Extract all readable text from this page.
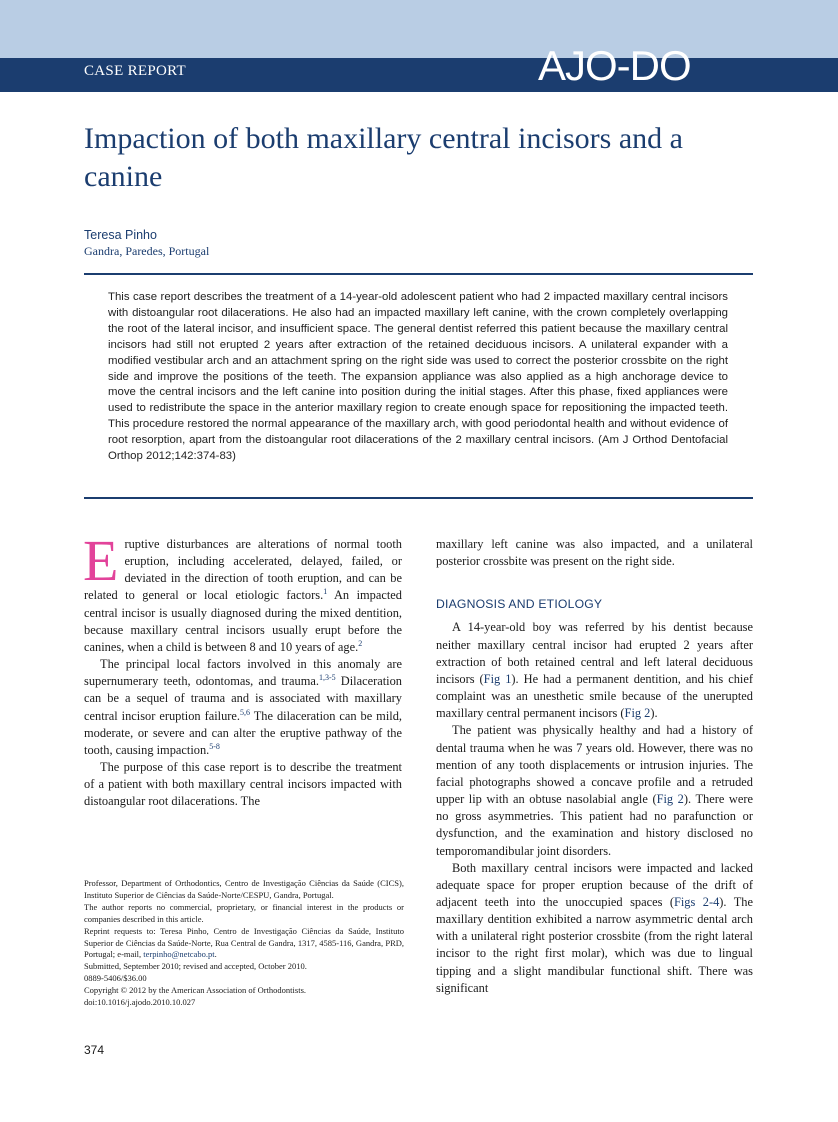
CASE REPORT	AJO-DO
Impaction of both maxillary central incisors and a canine
Teresa Pinho
Gandra, Paredes, Portugal

This case report describes the treatment of a 14-year-old adolescent patient who had 2 impacted maxillary central incisors with distoangular root dilacerations. He also had an impacted maxillary left canine, with the crown completely overlapping the root of the lateral incisor, and insufficient space. The general dentist referred this patient because the maxillary central incisors had still not erupted 2 years after extraction of the retained deciduous incisors. A unilateral expander with a modified vestibular arch and an attachment spring on the right side was used to correct the posterior crossbite on the right side and improve the positions of the teeth. The expansion appliance was also applied as a high anchorage device to move the central incisors and the left canine into position during the initial stages. After this phase, fixed appliances were used to redistribute the space in the anterior maxillary region to create enough space for repositioning the impacted teeth. This procedure restored the normal appearance of the maxillary arch, with good periodontal health and without evidence of root resorption, apart from the distoangular root dilacerations of the 2 maxillary central incisors. (Am J Orthod Dentofacial Orthop 2012;142:374-83)

Eruptive disturbances are alterations of normal tooth eruption, including accelerated, delayed, failed, or deviated in the direction of tooth eruption, and can be related to general or local etiologic factors.$^1$ An impacted central incisor is usually diagnosed during the mixed dentition, because maxillary central incisors usually erupt before the canines, when a child is between 8 and 10 years of age.$^2$

The principal local factors involved in this anomaly are supernumerary teeth, odontomas, and trauma.$^{1,3-5}$ Dilaceration can be a sequel of trauma and is associated with maxillary central incisor eruption failure.$^{5,6}$ The dilaceration can be mild, moderate, or severe and can alter the eruptive pathway of the tooth, causing impaction.$^{5-8}$

The purpose of this case report is to describe the treatment of a patient with both maxillary central incisors impacted with distoangular root dilacerations. The

maxillary left canine was also impacted, and a unilateral posterior crossbite was present on the right side.

DIAGNOSIS AND ETIOLOGY

A 14-year-old boy was referred by his dentist because neither maxillary central incisor had erupted 2 years after extraction of both retained central and left lateral deciduous incisors (Fig 1). He had a permanent dentition, and his chief complaint was an unesthetic smile because of the unerupted maxillary central permanent incisors (Fig 2).

The patient was physically healthy and had a history of dental trauma when he was 7 years old. However, there was no mention of any tooth displacements or intrusion injuries. The facial photographs showed a concave profile and a retruded upper lip with an obtuse nasolabial angle (Fig 2). There were no gross asymmetries. This patient had no parafunction or dysfunction, and the examination and history disclosed no temporomandibular joint disorders.

Both maxillary central incisors were impacted and lacked adequate space for proper eruption because of the drift of adjacent teeth into the unoccupied spaces (Figs 2-4). The maxillary dentition exhibited a narrow asymmetric dental arch with a unilateral right posterior crossbite (from the right lateral incisor to the right first molar), which was due to lingual tipping and a slight mandibular functional shift. There was significant

Professor, Department of Orthodontics, Centro de Investigação Ciências da Saúde (CICS), Instituto Superior de Ciências da Saúde-Norte/CESPU, Gandra, Portugal.
The author reports no commercial, proprietary, or financial interest in the products or companies described in this article.
Reprint requests to: Teresa Pinho, Centro de Investigação Ciências da Saúde, Instituto Superior de Ciências da Saúde-Norte, Rua Central de Gandra, 1317, 4585-116, Gandra, PRD, Portugal; e-mail, terpinho@netcabo.pt.
Submitted, September 2010; revised and accepted, October 2010.
0889-5406/$36.00
Copyright © 2012 by the American Association of Orthodontists.
doi:10.1016/j.ajodo.2010.10.027
374
